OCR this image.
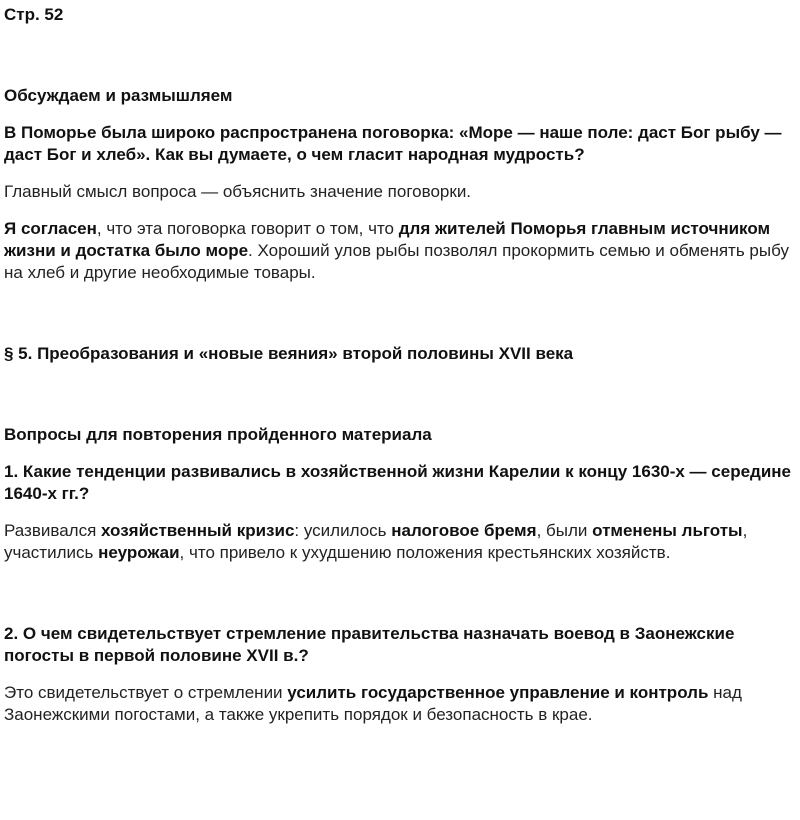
Стр. 52

Обсуждаем и размышляем

В Поморье была широко распространена поговорка: «Море — наше поле: даст Бог рыбу — даст Бог и хлеб». Как вы думаете, о чем гласит народная мудрость?

Главный смысл вопроса — объяснить значение поговорки.

Я согласен, что эта поговорка говорит о том, что для жителей Поморья главным источником жизни и достатка было море. Хороший улов рыбы позволял прокормить семью и обменять рыбу на хлеб и другие необходимые товары.

§ 5. Преобразования и «новые веяния» второй половины XVII века

Вопросы для повторения пройденного материала

1. Какие тенденции развивались в хозяйственной жизни Карелии к концу 1630-х — середине 1640-х гг.?

Развивался хозяйственный кризис: усилилось налоговое бремя, были отменены льготы, участились неурожаи, что привело к ухудшению положения крестьянских хозяйств.

2. О чем свидетельствует стремление правительства назначать воевод в Заонежские погосты в первой половине XVII в.?

Это свидетельствует о стремлении усилить государственное управление и контроль над Заонежскими погостами, а также укрепить порядок и безопасность в крае.
